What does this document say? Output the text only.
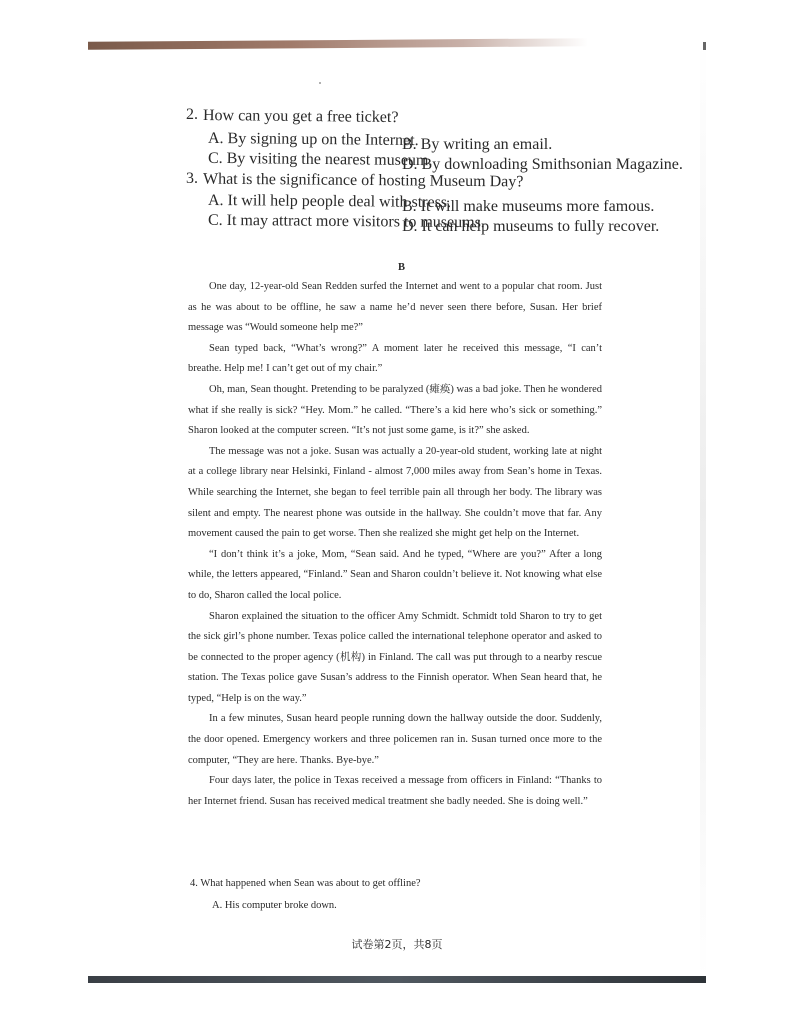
2. How can you get a free ticket?
A. By signing up on the Internet.
B. By writing an email.
C. By visiting the nearest museum.
D. By downloading Smithsonian Magazine.
3. What is the significance of hosting Museum Day?
A. It will help people deal with stress.
B. It will make museums more famous.
C. It may attract more visitors to museums.
D. It can help museums to fully recover.
B

One day, 12-year-old Sean Redden surfed the Internet and went to a popular chat room. Just as he was about to be offline, he saw a name he’d never seen there before, Susan. Her brief message was “Would someone help me?”

Sean typed back, “What’s wrong?” A moment later he received this message, “I can’t breathe. Help me! I can’t get out of my chair.”

Oh, man, Sean thought. Pretending to be paralyzed (瘫痪) was a bad joke. Then he wondered what if she really is sick? “Hey. Mom.” he called. “There’s a kid here who’s sick or something.” Sharon looked at the computer screen. “It’s not just some game, is it?” she asked.

The message was not a joke. Susan was actually a 20-year-old student, working late at night at a college library near Helsinki, Finland - almost 7,000 miles away from Sean’s home in Texas. While searching the Internet, she began to feel terrible pain all through her body. The library was silent and empty. The nearest phone was outside in the hallway. She couldn’t move that far. Any movement caused the pain to get worse. Then she realized she might get help on the Internet.

“I don’t think it’s a joke, Mom, “Sean said. And he typed, “Where are you?” After a long while, the letters appeared, “Finland.” Sean and Sharon couldn’t believe it. Not knowing what else to do, Sharon called the local police.

Sharon explained the situation to the officer Amy Schmidt. Schmidt told Sharon to try to get the sick girl’s phone number. Texas police called the international telephone operator and asked to be connected to the proper agency (机构) in Finland. The call was put through to a nearby rescue station. The Texas police gave Susan’s address to the Finnish operator. When Sean heard that, he typed, “Help is on the way.”

In a few minutes, Susan heard people running down the hallway outside the door. Suddenly, the door opened. Emergency workers and three policemen ran in. Susan turned once more to the computer, “They are here. Thanks. Bye-bye.”

Four days later, the police in Texas received a message from officers in Finland: “Thanks to her Internet friend. Susan has received medical treatment she badly needed. She is doing well.”

4. What happened when Sean was about to get offline?
A. His computer broke down.
试卷第2页，共8页
